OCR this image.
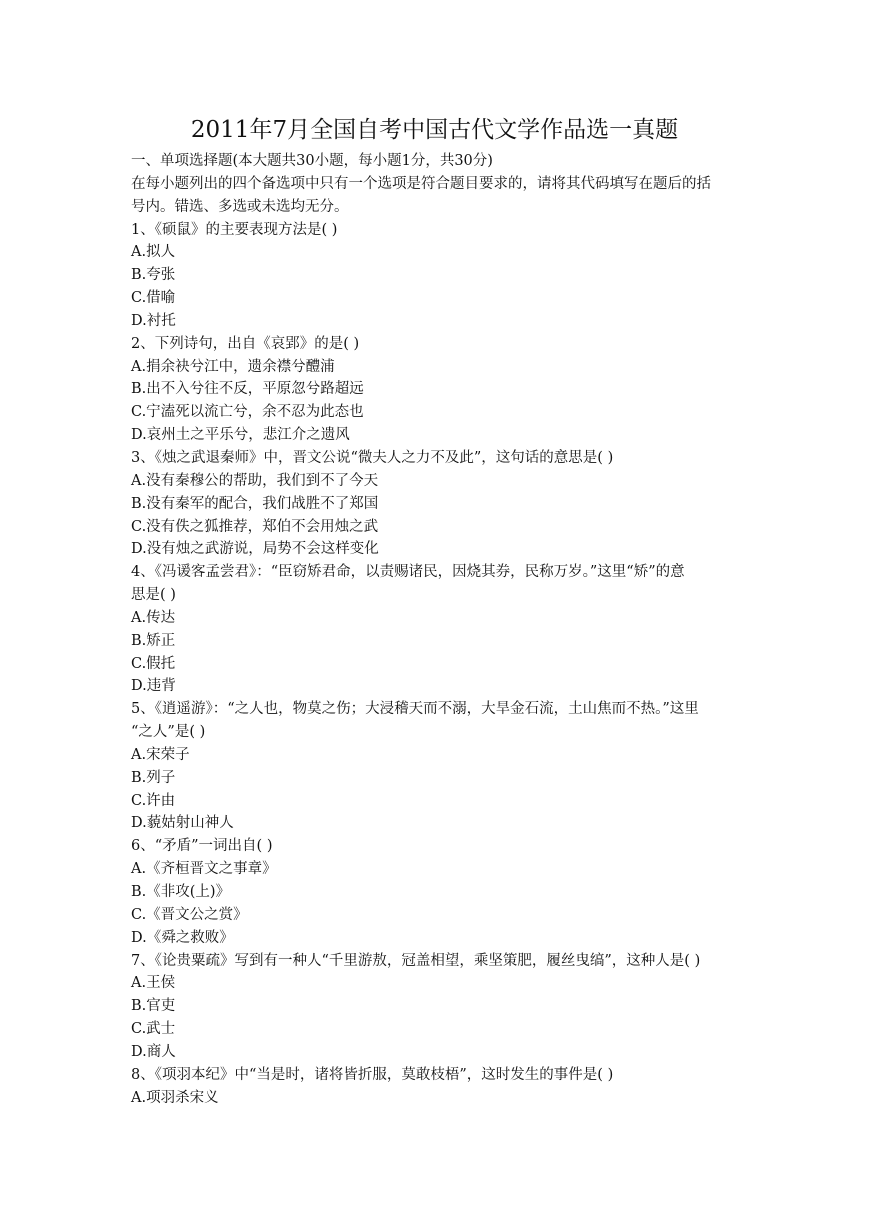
2011年7月全国自考中国古代文学作品选一真题
一、单项选择题(本大题共30小题，每小题1分，共30分)
在每小题列出的四个备选项中只有一个选项是符合题目要求的，请将其代码填写在题后的括
号内。错选、多选或未选均无分。
1、《硕鼠》的主要表现方法是( )
A.拟人
B.夸张
C.借喻
D.衬托
2、下列诗句，出自《哀郢》的是( )
A.捐余袂兮江中，遗余襟兮醴浦
B.出不入兮往不反，平原忽兮路超远
C.宁溘死以流亡兮，余不忍为此态也
D.哀州土之平乐兮，悲江介之遗风
3、《烛之武退秦师》中，晋文公说“微夫人之力不及此”，这句话的意思是( )
A.没有秦穆公的帮助，我们到不了今天
B.没有秦军的配合，我们战胜不了郑国
C.没有佚之狐推荐，郑伯不会用烛之武
D.没有烛之武游说，局势不会这样变化
4、《冯谖客孟尝君》：“臣窃矫君命，以责赐诸民，因烧其券，民称万岁。”这里“矫”的意
思是( )
A.传达
B.矫正
C.假托
D.违背
5、《逍遥游》：“之人也，物莫之伤；大浸稽天而不溺，大旱金石流，土山焦而不热。”这里
“之人”是( )
A.宋荣子
B.列子
C.许由
D.藐姑射山神人
6、“矛盾”一词出自( )
A.《齐桓晋文之事章》
B.《非攻(上)》
C.《晋文公之赏》
D.《舜之救败》
7、《论贵粟疏》写到有一种人“千里游敖，冠盖相望，乘坚策肥，履丝曳缟”，这种人是( )
A.王侯
B.官吏
C.武士
D.商人
8、《项羽本纪》中“当是时，诸将皆折服，莫敢枝梧”，这时发生的事件是( )
A.项羽杀宋义
